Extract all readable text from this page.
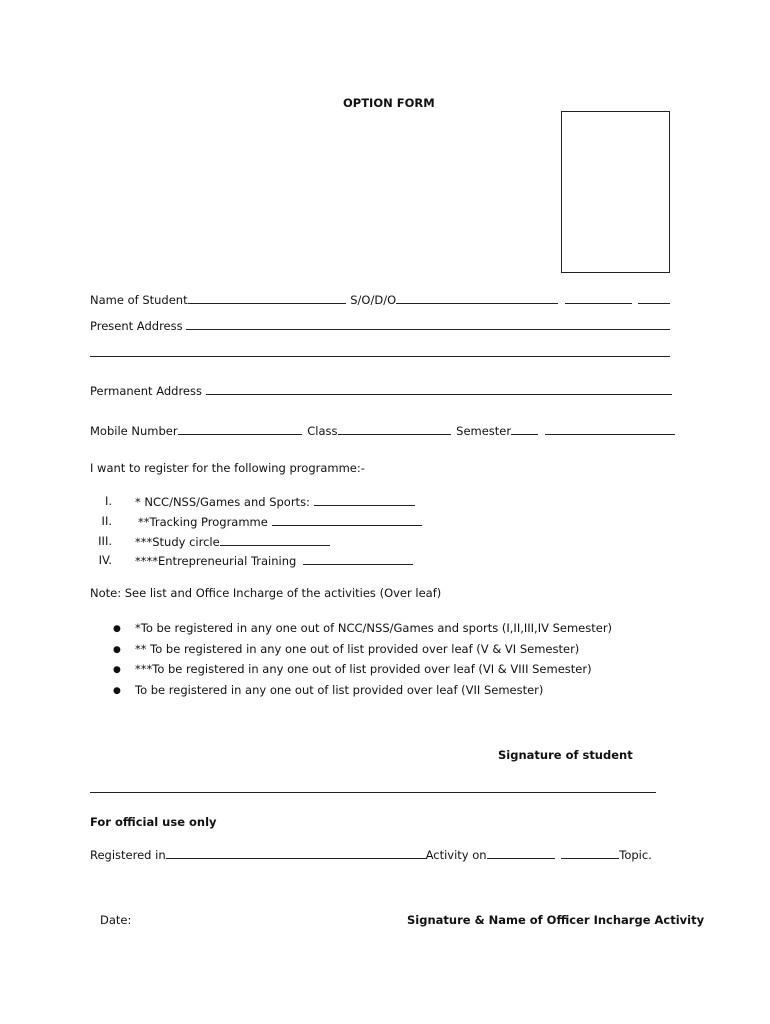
OPTION FORM
Name of Student	S/O/D/O
Present Address
Permanent Address
Mobile Number	Class	Semester
I want to register for the following programme:-
I. * NCC/NSS/Games and Sports:
II. **Tracking Programme
III. ***Study circle
IV. ****Entrepreneurial Training
Note: See list and Office Incharge of the activities (Over leaf)
● *To be registered in any one out of NCC/NSS/Games and sports (I,II,III,IV Semester)
● ** To be registered in any one out of list provided over leaf (V & VI Semester)
● ***To be registered in any one out of list provided over leaf (VI & VIII Semester)
● To be registered in any one out of list provided over leaf (VII Semester)
Signature of student
For official use only
Registered in	Activity on	Topic.
Date:	Signature & Name of Officer Incharge Activity
